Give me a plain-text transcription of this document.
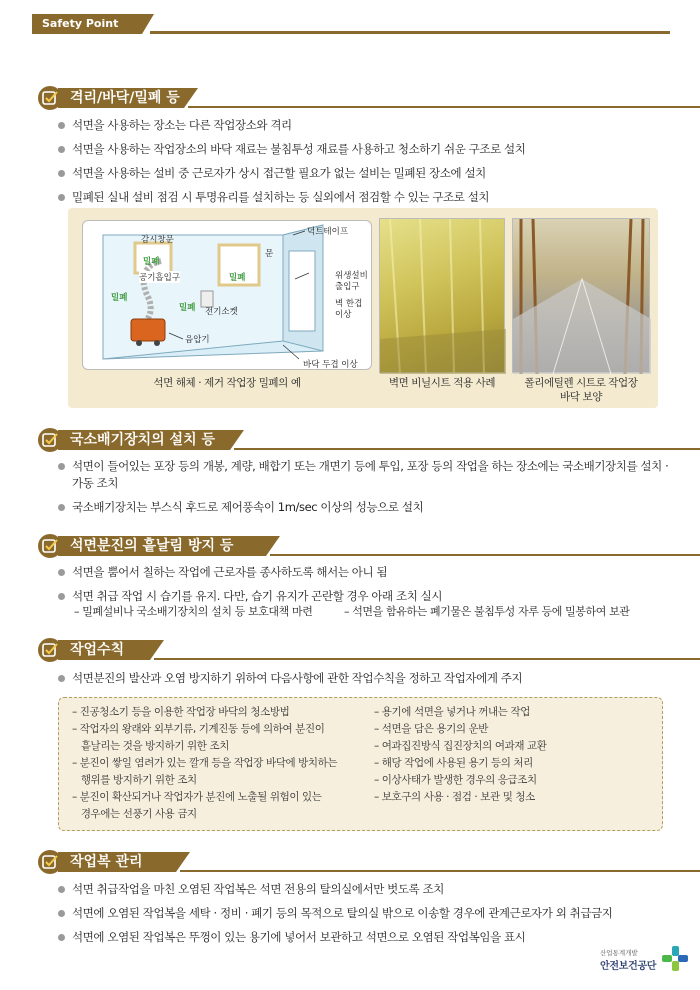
Safety Point
격리/바닥/밀폐 등
석면을 사용하는 장소는 다른 작업장소와 격리
석면을 사용하는 작업장소의 바닥 재료는 불침투성 재료를 사용하고 청소하기 쉬운 구조로 설치
석면을 사용하는 설비 중 근로자가 상시 접근할 필요가 없는 설비는 밀폐된 장소에 설치
밀폐된 실내 설비 점검 시 투명유리를 설치하는 등 실외에서 점검할 수 있는 구조로 설치
감시창문
밀폐
공기흡입구	밀폐
밀폐
밀폐
문
전기소켓
음압기
덕트테이프
위생설비
출입구
벽 한겹
이상
바닥 두겹 이상
석면 해체 · 제거 작업장 밀폐의 예	벽면 비닐시트 적용 사례	폴리에틸렌 시트로 작업장
바닥 보양
국소배기장치의 설치 등
석면이 들어있는 포장 등의 개봉, 계량, 배합기 또는 개면기 등에 투입, 포장 등의 작업을 하는 장소에는 국소배기장치를 설치 · 가동 조치
국소배기장치는 부스식 후드로 제어풍속이 1m/sec 이상의 성능으로 설치
석면분진의 흩날림 방지 등
석면을 뿜어서 칠하는 작업에 근로자를 종사하도록 해서는 아니 됨
석면 취급 작업 시 습기를 유지. 다만, 습기 유지가 곤란할 경우 아래 조치 실시
– 밀폐설비나 국소배기장치의 설치 등 보호대책 마련	– 석면을 함유하는 폐기물은 불침투성 자루 등에 밀봉하여 보관
작업수칙
석면분진의 발산과 오염 방지하기 위하여 다음사항에 관한 작업수칙을 정하고 작업자에게 주지
– 진공청소기 등을 이용한 작업장 바닥의 청소방법
– 작업자의 왕래와 외부기류, 기계진동 등에 의하여 분진이
흩날리는 것을 방지하기 위한 조치
– 분진이 쌓일 염려가 있는 깔개 등을 작업장 바닥에 방치하는
행위를 방지하기 위한 조치
– 분진이 확산되거나 작업자가 분진에 노출될 위험이 있는
경우에는 선풍기 사용 금지
– 용기에 석면을 넣거나 꺼내는 작업
– 석면을 담은 용기의 운반
– 여과집진방식 집진장치의 여과재 교환
– 해당 작업에 사용된 용기 등의 처리
– 이상사태가 발생한 경우의 응급조치
– 보호구의 사용 · 점검 · 보관 및 청소
작업복 관리
석면 취급작업을 마친 오염된 작업복은 석면 전용의 탈의실에서만 벗도록 조치
석면에 오염된 작업복을 세탁 · 정비 · 폐기 등의 목적으로 탈의실 밖으로 이송할 경우에 관계근로자가 외 취급금지
석면에 오염된 작업복은 뚜껑이 있는 용기에 넣어서 보관하고 석면으로 오염된 작업복임을 표시
산업통계개발
안전보건공단
